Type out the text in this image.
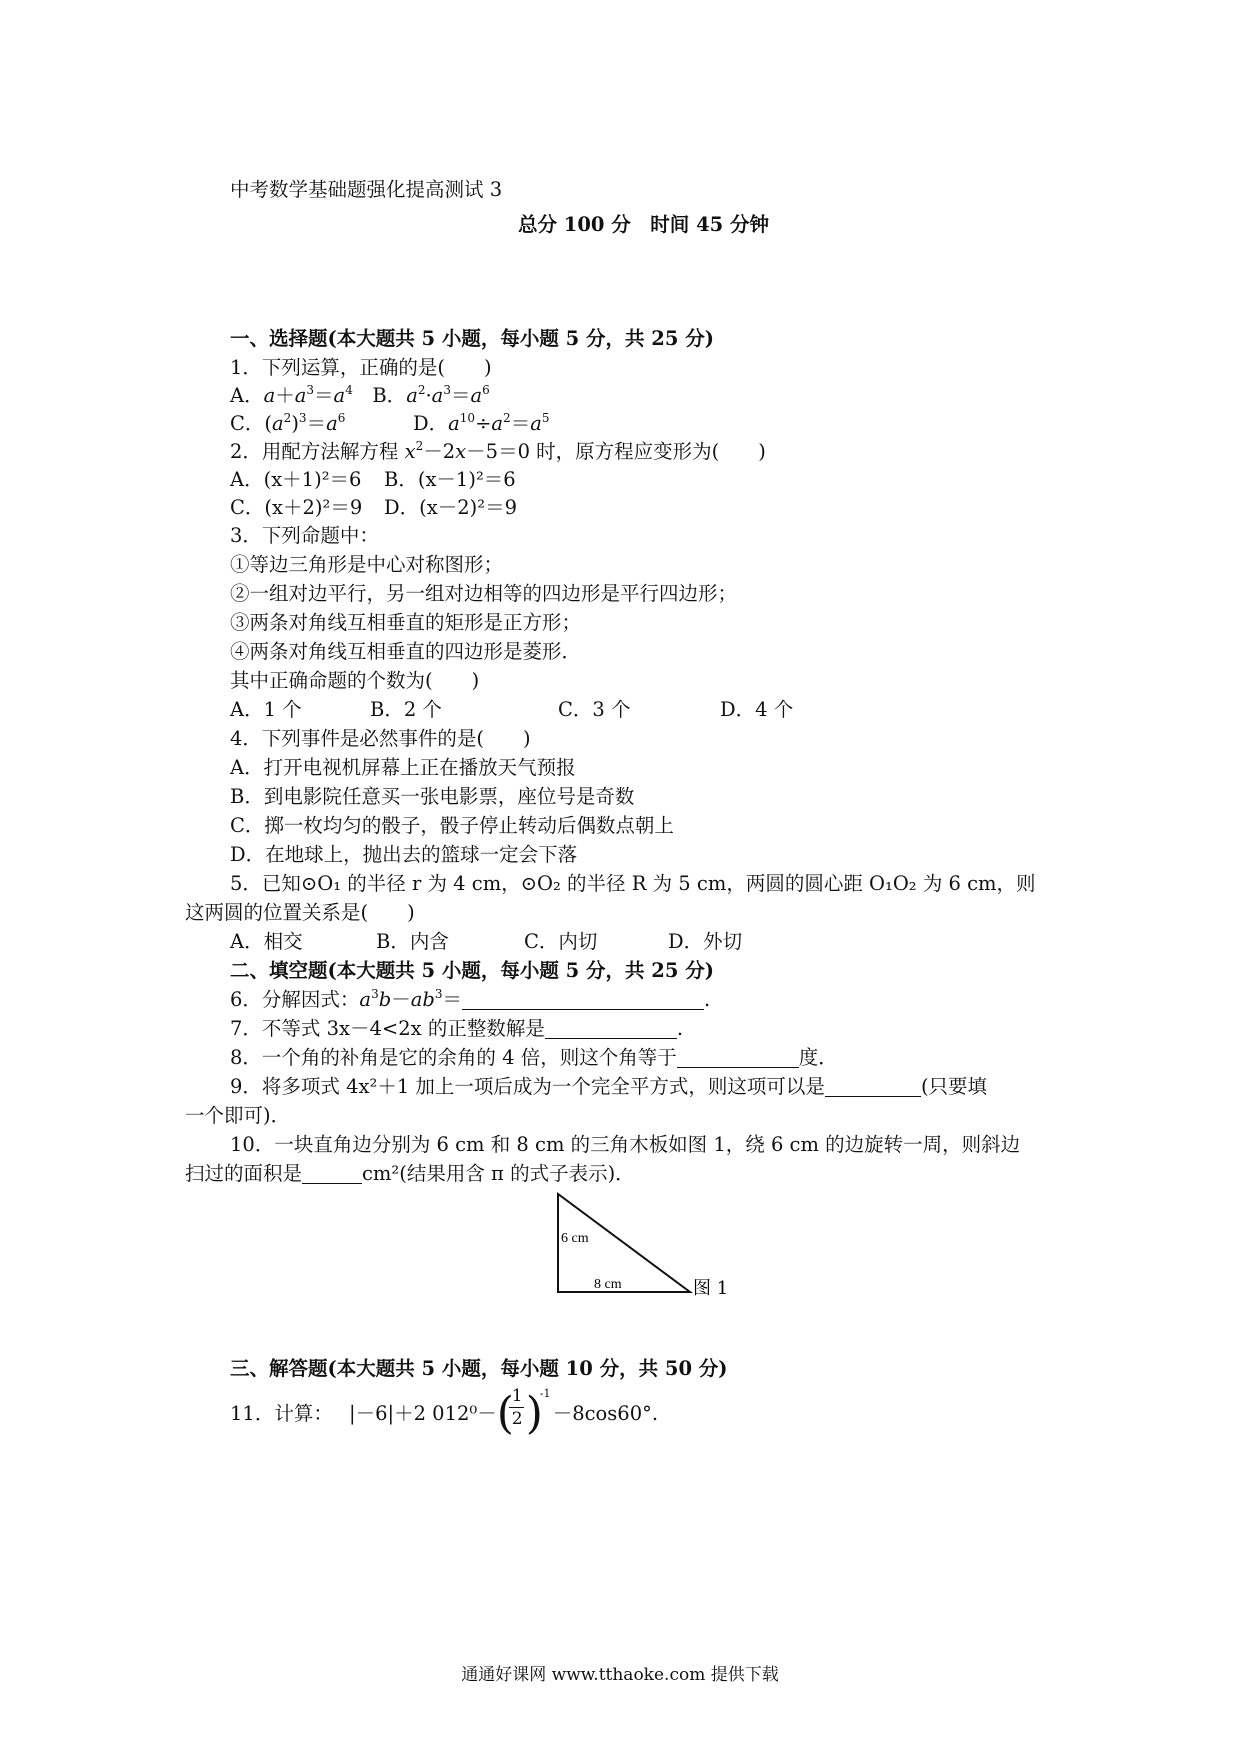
中考数学基础题强化提高测试 3
总分 100 分　时间 45 分钟
一、选择题(本大题共 5 小题，每小题 5 分，共 25 分)
1．下列运算，正确的是(　　)
A．$a+a^3=a^4$　 B．$a^2\cdot a^3=a^6$
C．$(a^2)^3=a^6$	D．$a^{10}\div a^2=a^5$
2．用配方法解方程 $x^2-2x-5=0$ 时，原方程应变形为(　　)
A．(x＋1)²＝6 B．(x－1)²＝6
C．(x＋2)²＝9 D．(x－2)²＝9
3．下列命题中：
①等边三角形是中心对称图形；
②一组对边平行，另一组对边相等的四边形是平行四边形；
③两条对角线互相垂直的矩形是正方形；
④两条对角线互相垂直的四边形是菱形．
其中正确命题的个数为(　　)
A．1 个	B．2 个	C．3 个	D．4 个
4．下列事件是必然事件的是(　　)
A．打开电视机屏幕上正在播放天气预报
B．到电影院任意买一张电影票，座位号是奇数
C．掷一枚均匀的骰子，骰子停止转动后偶数点朝上
D．在地球上，抛出去的篮球一定会下落
5．已知⊙O₁ 的半径 r 为 4 cm，⊙O₂ 的半径 R 为 5 cm，两圆的圆心距 O₁O₂ 为 6 cm，则
这两圆的位置关系是(　　)
A．相交	B．内含	C．内切	D．外切
二、填空题(本大题共 5 小题，每小题 5 分，共 25 分)
6．分解因式：$a^3b-ab^3=$	.
7．不等式 3x－4<2x 的正整数解是	.
8．一个角的补角是它的余角的 4 倍，则这个角等于	度．
9．将多项式 4x²＋1 加上一项后成为一个完全平方式，则这项可以是	(只要填
一个即可)．
10．一块直角边分别为 6 cm 和 8 cm 的三角木板如图 1，绕 6 cm 的边旋转一周，则斜边
扫过的面积是	cm²(结果用含 π 的式子表示)．
6 cm
8 cm	图 1
三、解答题(本大题共 5 小题，每小题 10 分，共 50 分)
11．计算： |－6|＋2 012⁰－ (
1
2 )
-1
－8cos60°.
通通好课网 www.tthaoke.com 提供下载
